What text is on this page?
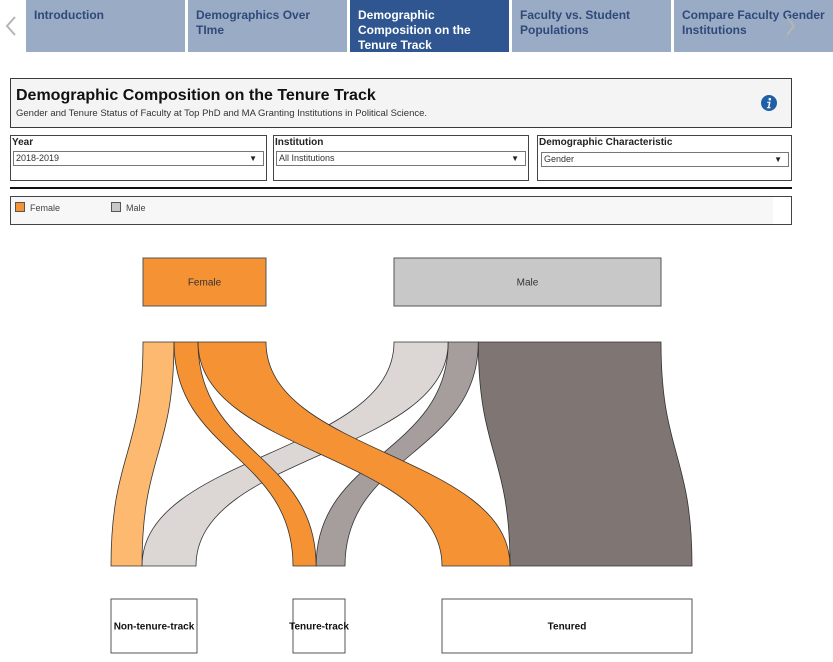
Introduction	Demographics Over TIme
Demographic Composition on the Tenure Track
Faculty vs. Student Populations
Compare Faculty Gender Institutions
Demographic Composition on the Tenure Track
Gender and Tenure Status of Faculty at Top PhD and MA Granting Institutions in Political Science.
Year
2018-2019	▼
Institution
All Institutions	▼
Demographic Characteristic
Gender	▼
Female	Male
Female	Male
Non-tenure-track	Tenure-track	Tenured
